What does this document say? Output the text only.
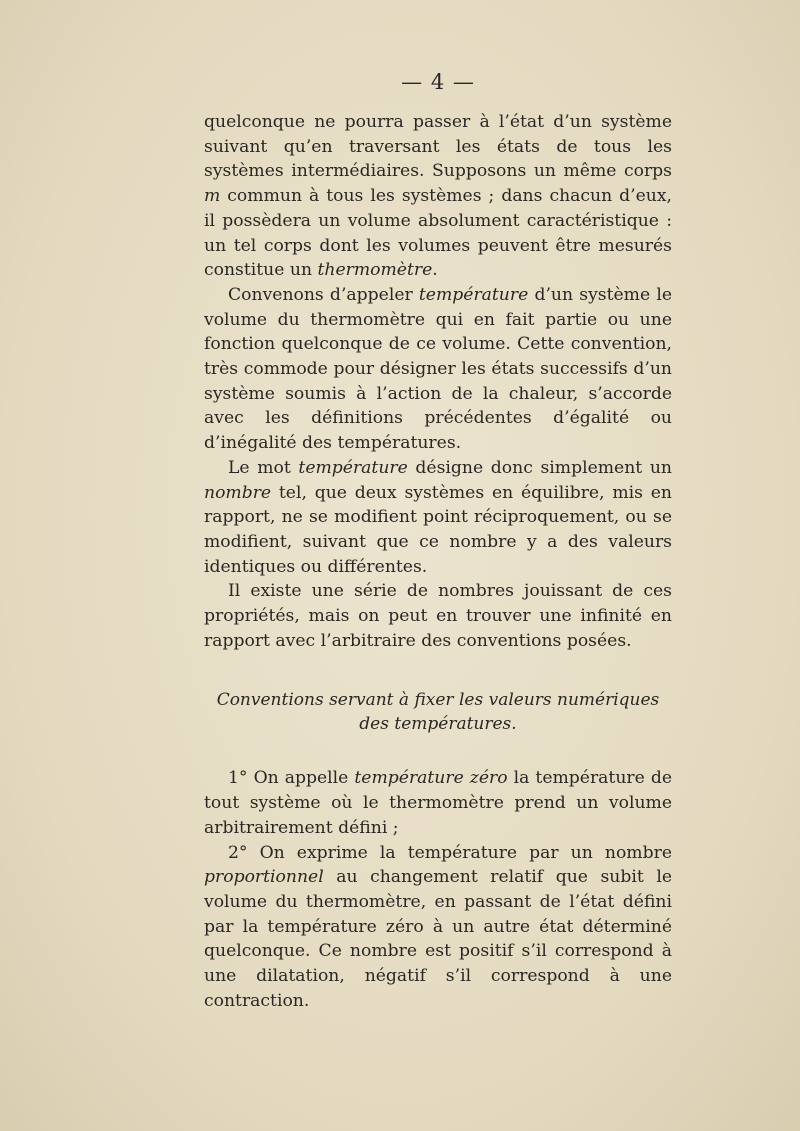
— 4 —

quelconque ne pourra passer à l’état d’un système suivant qu’en traversant les états de tous les systèmes intermédiaires. Supposons un même corps m commun à tous les systèmes ; dans chacun d’eux, il possèdera un volume absolument caractéristique : un tel corps dont les volumes peuvent être mesurés constitue un thermomètre.

Convenons d’appeler température d’un système le volume du thermomètre qui en fait partie ou une fonction quelconque de ce volume. Cette convention, très commode pour désigner les états successifs d’un système soumis à l’action de la chaleur, s’accorde avec les définitions précédentes d’égalité ou d’inégalité des températures.

Le mot température désigne donc simplement un nombre tel, que deux systèmes en équilibre, mis en rapport, ne se modifient point réciproquement, ou se modifient, suivant que ce nombre y a des valeurs identiques ou différentes.

Il existe une série de nombres jouissant de ces propriétés, mais on peut en trouver une infinité en rapport avec l’arbitraire des conventions posées.

Conventions servant à fixer les valeurs numériques
des températures.

1° On appelle température zéro la température de tout système où le thermomètre prend un volume arbitrairement défini ;

2° On exprime la température par un nombre proportionnel au changement relatif que subit le volume du thermomètre, en passant de l’état défini par la température zéro à un autre état déterminé quelconque. Ce nombre est positif s’il correspond à une dilatation, négatif s’il correspond à une contraction.
